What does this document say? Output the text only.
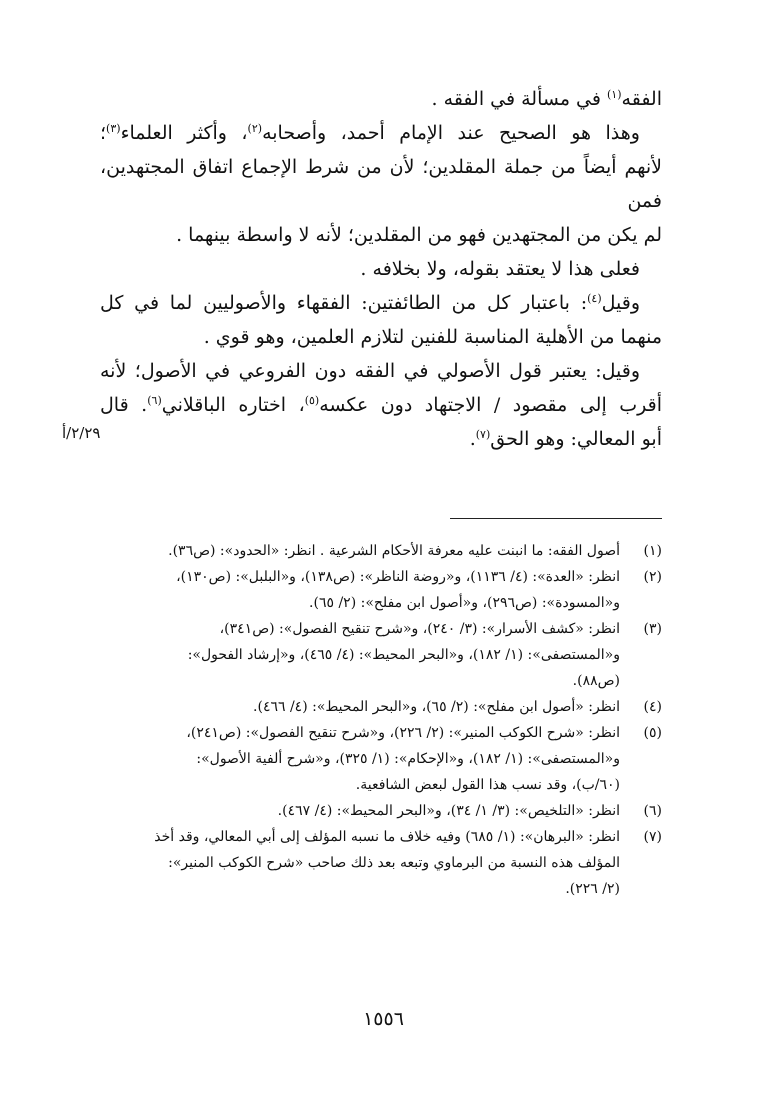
الفقه$^{(١)}$ في مسألة في الفقه .

وهذا هو الصحيح عند الإمام أحمد، وأصحابه$^{(٢)}$، وأكثر العلماء$^{(٣)}$؛

لأنهم أيضاً من جملة المقلدين؛ لأن من شرط الإجماع اتفاق المجتهدين، فمن

لم يكن من المجتهدين فهو من المقلدين؛ لأنه لا واسطة بينهما .

فعلى هذا لا يعتقد بقوله، ولا بخلافه .

وقيل$^{(٤)}$: باعتبار كل من الطائفتين: الفقهاء والأصوليين لما في كل

منهما من الأهلية المناسبة للفنين لتلازم العلمين، وهو قوي .

وقيل: يعتبر قول الأصولي في الفقه دون الفروعي في الأصول؛ لأنه

أقرب إلى مقصود / الاجتهاد دون عكسه$^{(٥)}$، اختاره الباقلاني$^{(٦)}$. قال

أبو المعالي: وهو الحق$^{(٧)}$.

٢/٢٩/أ
(١)
أصول الفقه: ما انبنت عليه معرفة الأحكام الشرعية . انظر: «الحدود»: (ص٣٦).
(٢)
انظر: «العدة»: (٤/ ١١٣٦)، و«روضة الناظر»: (ص١٣٨)، و«البلبل»: (ص١٣٠)،
و«المسودة»: (ص٢٩٦)، و«أصول ابن مفلح»: (٢/ ٦٥).
(٣)
انظر: «كشف الأسرار»: (٣/ ٢٤٠)، و«شرح تنقيح الفصول»: (ص٣٤١)،
و«المستصفى»: (١/ ١٨٢)، و«البحر المحيط»: (٤/ ٤٦٥)، و«إرشاد الفحول»:
(ص٨٨).
(٤)
انظر: «أصول ابن مفلح»: (٢/ ٦٥)، و«البحر المحيط»: (٤/ ٤٦٦).
(٥)
انظر: «شرح الكوكب المنير»: (٢/ ٢٢٦)، و«شرح تنقيح الفصول»: (ص٢٤١)،
و«المستصفى»: (١/ ١٨٢)، و«الإحكام»: (١/ ٣٢٥)، و«شرح ألفية الأصول»:
(٦٠/ب)، وقد نسب هذا القول لبعض الشافعية.
(٦)
انظر: «التلخيص»: (٣/ ١/ ٣٤)، و«البحر المحيط»: (٤/ ٤٦٧).
(٧)
انظر: «البرهان»: (١/ ٦٨٥) وفيه خلاف ما نسبه المؤلف إلى أبي المعالي، وقد أخذ
المؤلف هذه النسبة من البرماوي وتبعه بعد ذلك صاحب «شرح الكوكب المنير»:
(٢/ ٢٢٦).
١٥٥٦
